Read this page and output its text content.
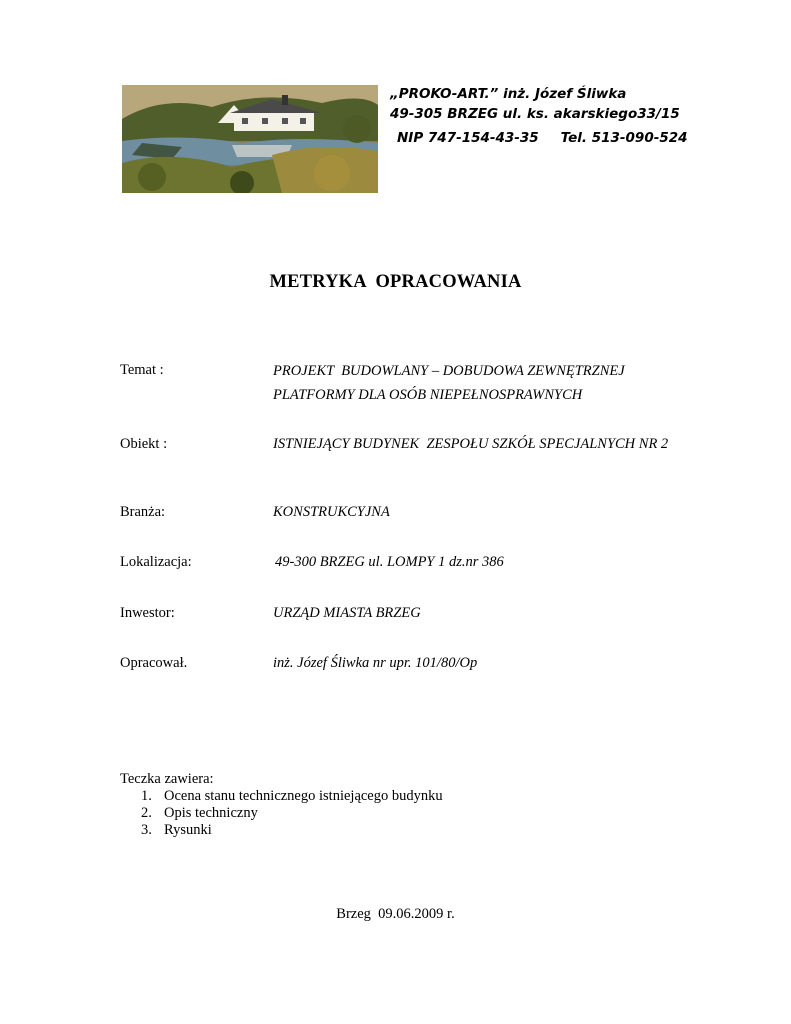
„PROKO-ART.” inż. Józef Śliwka
49-305 BRZEG ul. ks. akarskiego33/15
NIP 747-154-43-35 Tel. 513-090-524
METRYKA  OPRACOWANIA

Temat :

	PROJEKT  BUDOWLANY – DOBUDOWA ZEWNĘTRZNEJ

PLATFORMY DLA OSÓB NIEPEŁNOSPRAWNYCH

Obiekt :

	ISTNIEJĄCY BUDYNEK  ZESPOŁU SZKÓŁ SPECJALNYCH NR 2

Branża:

	KONSTRUKCYJNA

Lokalizacja:

	49-300 BRZEG ul. LOMPY 1 dz.nr 386

Inwestor:

	URZĄD MIASTA BRZEG

Opracował.

	inż. Józef Śliwka nr upr. 101/80/Op

Teczka zawiera:
1. Ocena stanu technicznego istniejącego budynku
2. Opis techniczny
3. Rysunki
Brzeg  09.06.2009 r.
